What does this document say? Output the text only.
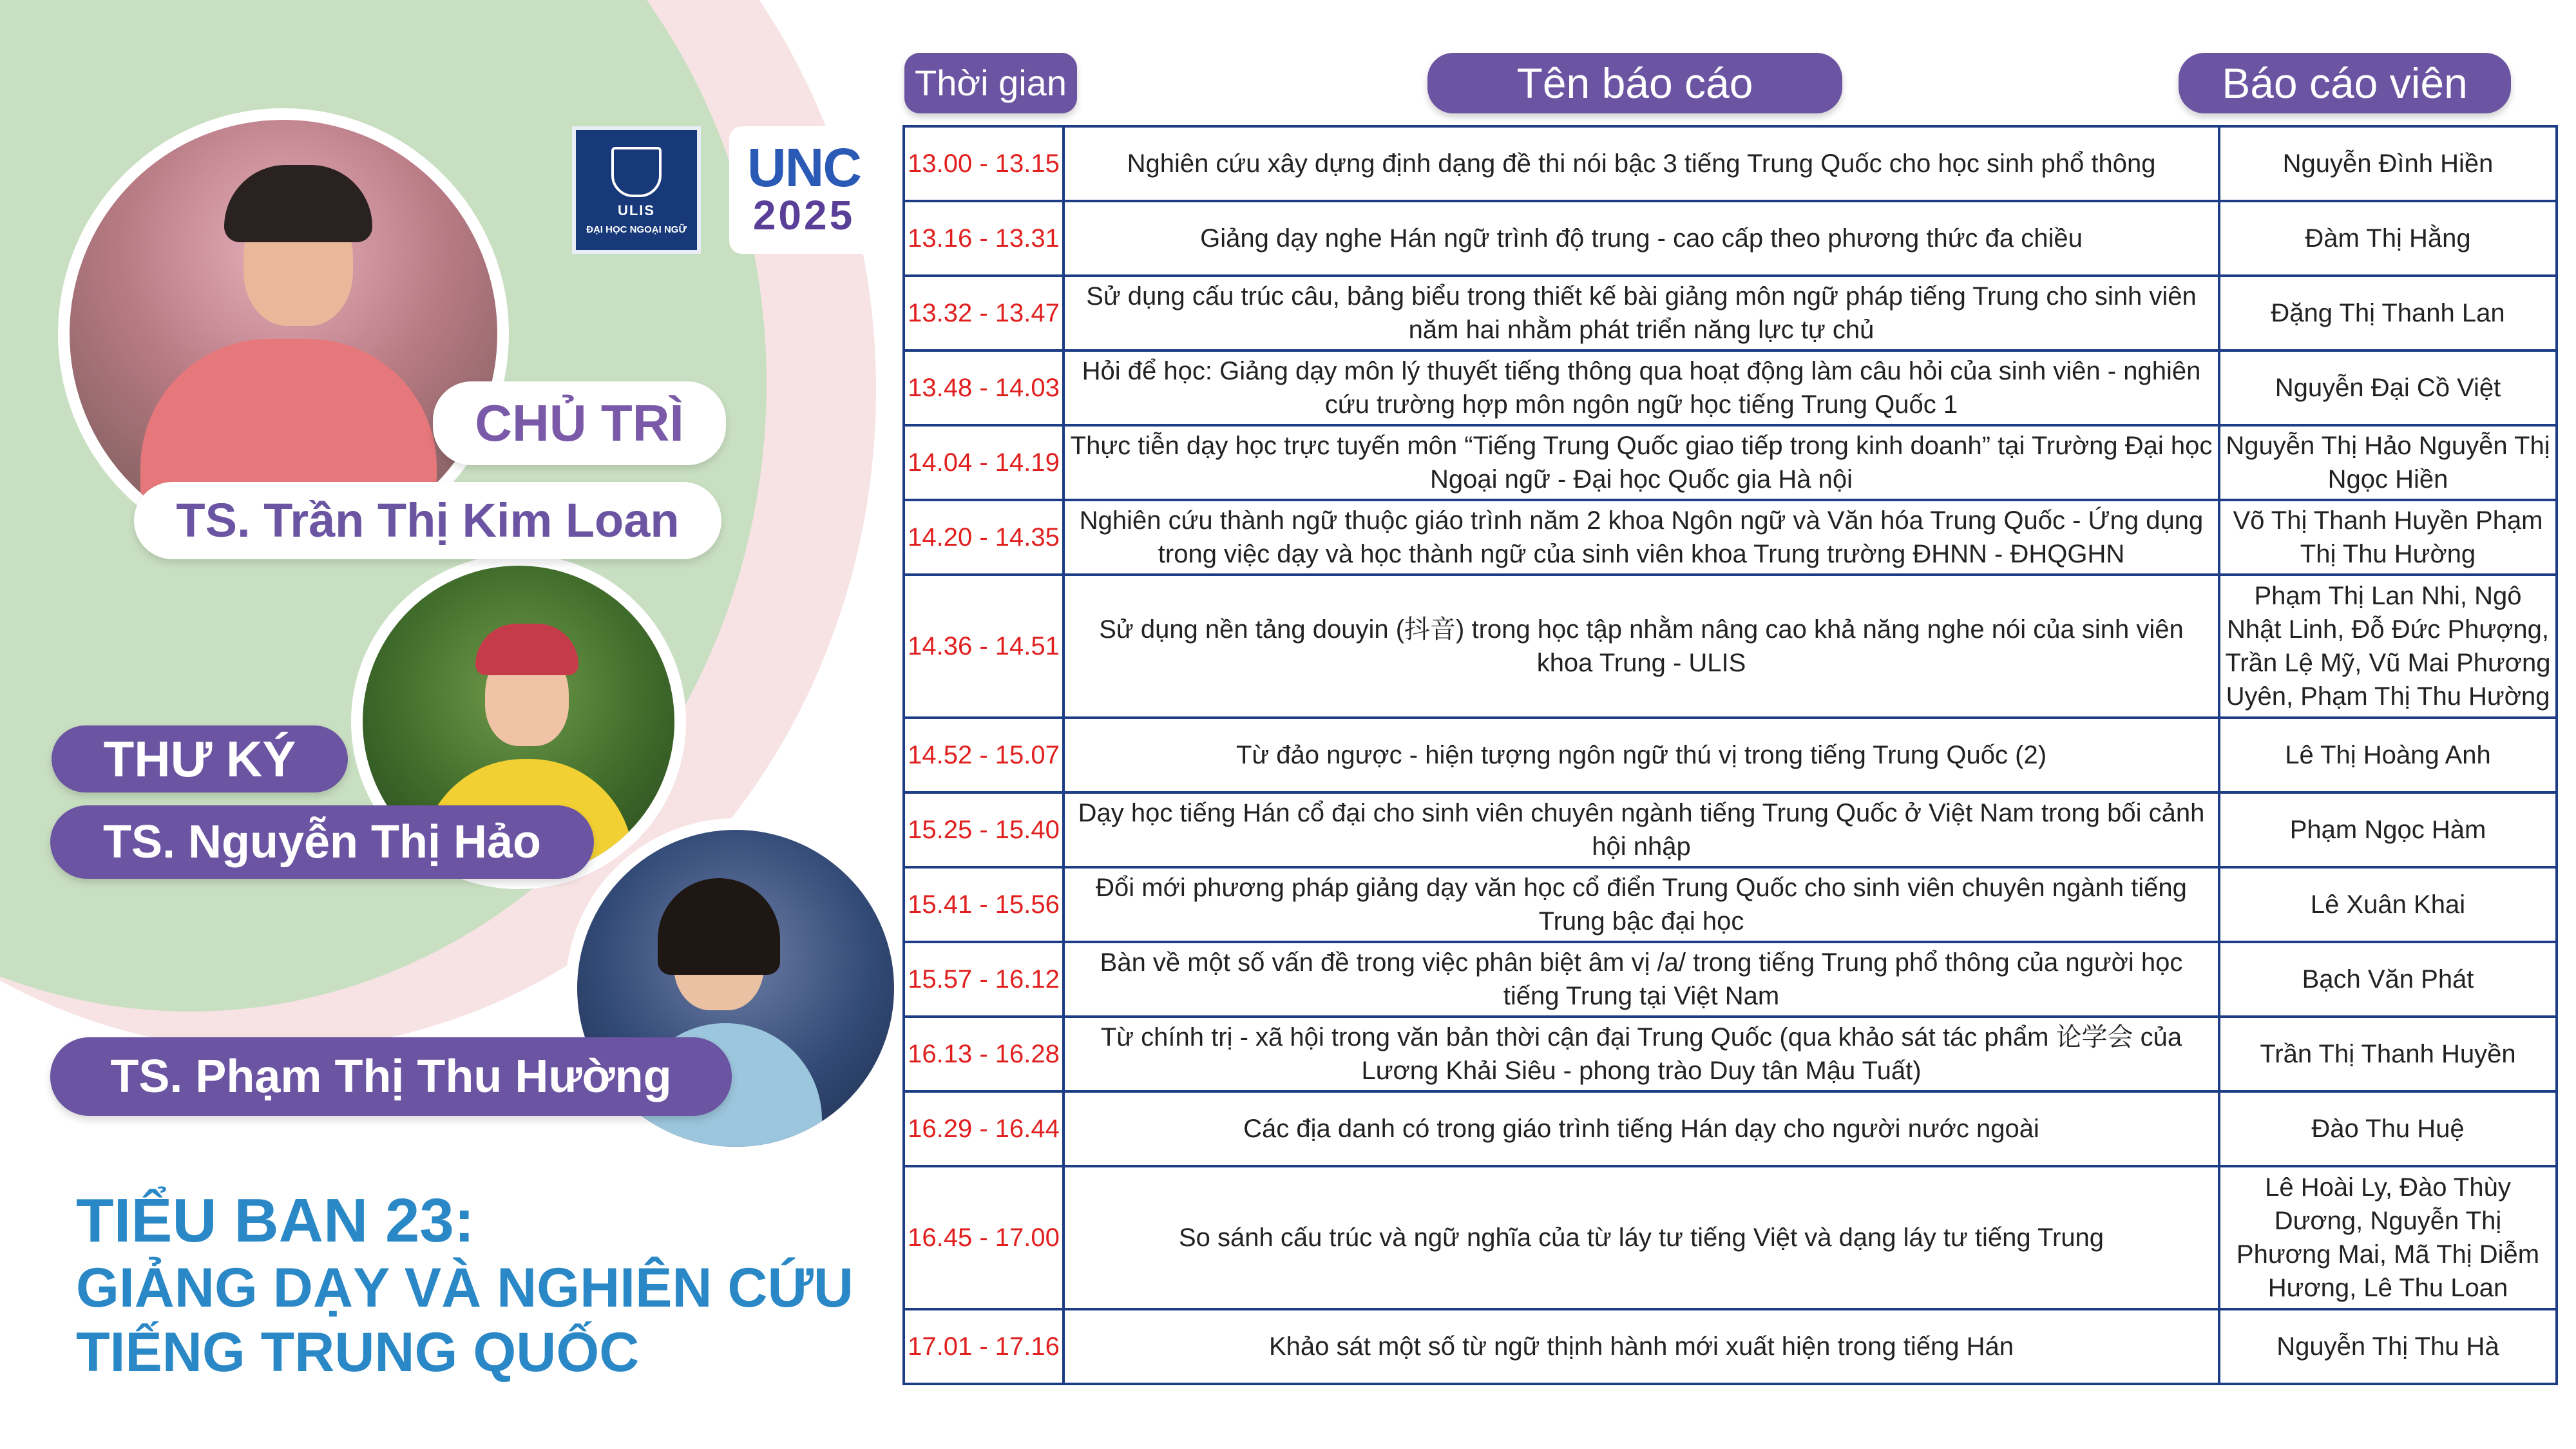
ULIS
ĐẠI HỌC NGOẠI NGỮ
UNC
2025
CHỦ TRÌ
TS. Trần Thị Kim Loan
THƯ KÝ
TS. Nguyễn Thị Hảo
TS. Phạm Thị Thu Hường
TIỂU BAN 23:
GIẢNG DẠY VÀ NGHIÊN CỨU
TIẾNG TRUNG QUỐC
Thời gian	Tên báo cáo	Báo cáo viên
13.00 - 13.15	Nghiên cứu xây dựng định dạng đề thi nói bậc 3 tiếng Trung Quốc cho học sinh phổ thông	Nguyễn Đình Hiền
13.16 - 13.31	Giảng dạy nghe Hán ngữ trình độ trung - cao cấp theo phương thức đa chiều	Đàm Thị Hằng
13.32 - 13.47	Sử dụng cấu trúc câu, bảng biểu trong thiết kế bài giảng môn ngữ pháp tiếng Trung cho sinh viên năm hai nhằm phát triển năng lực tự chủ	Đặng Thị Thanh Lan
13.48 - 14.03	Hỏi để học: Giảng dạy môn lý thuyết tiếng thông qua hoạt động làm câu hỏi của sinh viên - nghiên cứu trường hợp môn ngôn ngữ học tiếng Trung Quốc 1	Nguyễn Đại Cồ Việt
14.04 - 14.19	Thực tiễn dạy học trực tuyến môn “Tiếng Trung Quốc giao tiếp trong kinh doanh” tại Trường Đại học Ngoại ngữ - Đại học Quốc gia Hà nội	Nguyễn Thị Hảo Nguyễn Thị Ngọc Hiền
14.20 - 14.35	Nghiên cứu thành ngữ thuộc giáo trình năm 2 khoa Ngôn ngữ và Văn hóa Trung Quốc - Ứng dụng trong việc dạy và học thành ngữ của sinh viên khoa Trung trường ĐHNN - ĐHQGHN	Võ Thị Thanh Huyền Phạm Thị Thu Hường
14.36 - 14.51	Sử dụng nền tảng douyin (抖音) trong học tập nhằm nâng cao khả năng nghe nói của sinh viên khoa Trung - ULIS	Phạm Thị Lan Nhi, Ngô Nhật Linh, Đỗ Đức Phượng, Trần Lệ Mỹ, Vũ Mai Phương Uyên, Phạm Thị Thu Hường
14.52 - 15.07	Từ đảo ngược - hiện tượng ngôn ngữ thú vị trong tiếng Trung Quốc (2)	Lê Thị Hoàng Anh
15.25 - 15.40	Dạy học tiếng Hán cổ đại cho sinh viên chuyên ngành tiếng Trung Quốc ở Việt Nam trong bối cảnh hội nhập	Phạm Ngọc Hàm
15.41 - 15.56	Đổi mới phương pháp giảng dạy văn học cổ điển Trung Quốc cho sinh viên chuyên ngành tiếng Trung bậc đại học	Lê Xuân Khai
15.57 - 16.12	Bàn về một số vấn đề trong việc phân biệt âm vị /a/ trong tiếng Trung phổ thông của người học tiếng Trung tại Việt Nam	Bạch Văn Phát
16.13 - 16.28	Từ chính trị - xã hội trong văn bản thời cận đại Trung Quốc (qua khảo sát tác phẩm 论学会 của Lương Khải Siêu - phong trào Duy tân Mậu Tuất)	Trần Thị Thanh Huyền
16.29 - 16.44	Các địa danh có trong giáo trình tiếng Hán dạy cho người nước ngoài	Đào Thu Huệ
16.45 - 17.00	So sánh cấu trúc và ngữ nghĩa của từ láy tư tiếng Việt và dạng láy tư tiếng Trung	Lê Hoài Ly, Đào Thùy Dương, Nguyễn Thị Phương Mai, Mã Thị Diễm Hương, Lê Thu Loan
17.01 - 17.16	Khảo sát một số từ ngữ thịnh hành mới xuất hiện trong tiếng Hán	Nguyễn Thị Thu Hà
